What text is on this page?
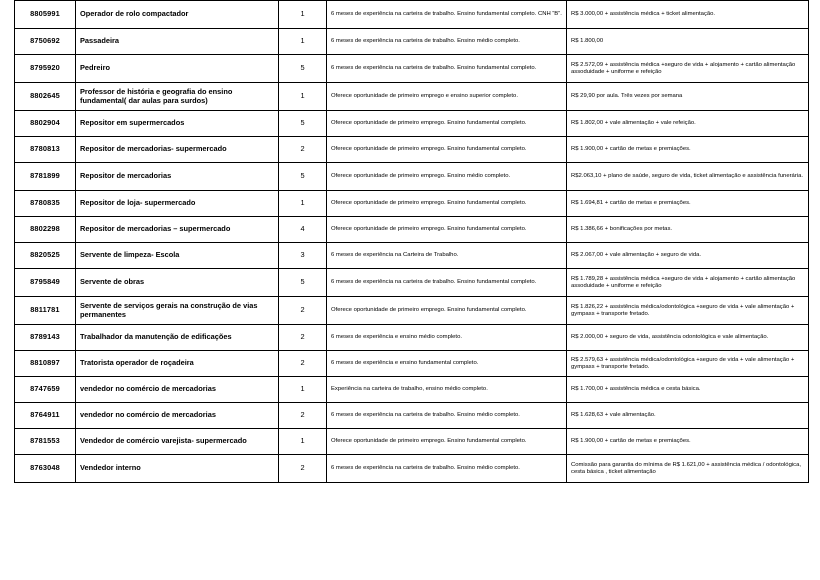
8805991	Operador de rolo compactador	1	6 meses de experiência na carteira de trabalho. Ensino fundamental completo. CNH “B”.	R$ 3.000,00 + assistência médica + ticket alimentação.
8750692	Passadeira	1	6 meses de experiência na carteira de trabalho. Ensino médio completo.	R$ 1.800,00
8795920	Pedreiro	5	6 meses de experiência na carteira de trabalho. Ensino fundamental completo.	R$ 2.572,09 + assistência médica +seguro de vida + alojamento + cartão alimentação assoduidade + uniforme e refeição
8802645	Professor de história e geografia do ensino fundamental( dar aulas para surdos)	1	Oferece oportunidade de primeiro emprego e ensino superior completo.	R$ 29,90 por aula. Três vezes por semana
8802904	Repositor em supermercados	5	Oferece oportunidade de primeiro emprego. Ensino fundamental completo.	R$ 1.802,00 + vale alimentação + vale refeição.
8780813	Repositor de mercadorias- supermercado	2	Oferece oportunidade de primeiro emprego. Ensino fundamental completo.	R$ 1.900,00 + cartão de metas e premiações.
8781899	Repositor de mercadorias	5	Oferece oportunidade de primeiro emprego. Ensino médio completo.	R$2.063,10 + plano de saúde, seguro de vida, ticket alimentação e assistência funerária.
8780835	Repositor de loja- supermercado	1	Oferece oportunidade de primeiro emprego. Ensino fundamental completo.	R$ 1.694,81 + cartão de metas e premiações.
8802298	Repositor de mercadorias – supermercado	4	Oferece oportunidade de primeiro emprego. Ensino fundamental completo.	R$ 1.386,66 + bonificações por metas.
8820525	Servente de limpeza- Escola	3	6 meses de experiência na Carteira de Trabalho.	R$ 2.067,00 + vale alimentação + seguro de vida.
8795849	Servente de obras	5	6 meses de experiência na carteira de trabalho. Ensino fundamental completo.	R$ 1.789,28 + assistência médica +seguro de vida + alojamento + cartão alimentação assoduidade + uniforme e refeição
8811781	Servente de serviços gerais na construção de vias permanentes	2	Oferece oportunidade de primeiro emprego. Ensino fundamental completo.	R$ 1.826,22 + assistência médica/odontológica +seguro de vida + vale alimentação + gympass + transporte fretado.
8789143	Trabalhador da manutenção de edificações	2	6 meses de experiência e ensino médio completo.	R$ 2.000,00 + seguro de vida, assistência odontológica e vale alimentação.
8810897	Tratorista operador de roçadeira	2	6 meses de experiência e ensino fundamental completo.	R$ 2.579,63 + assistência médica/odontológica +seguro de vida + vale alimentação + gympass + transporte fretado.
8747659	vendedor no comércio de mercadorias	1	Experiência na carteira de trabalho, ensino médio completo.	R$ 1.700,00 + assistência médica e cesta básica.
8764911	vendedor no comércio de mercadorias	2	6 meses de experiência na carteira de trabalho. Ensino médio completo.	R$ 1.628,63 + vale alimentação.
8781553	Vendedor de comércio varejista- supermercado	1	Oferece oportunidade de primeiro emprego. Ensino fundamental completo.	R$ 1.900,00 + cartão de metas e premiações.
8763048	Vendedor interno	2	6 meses de experiência na carteira de trabalho. Ensino médio completo.	Comissão para garantia do mínima de R$ 1.621,00 + assistência médica / odontológica, cesta básica , ticket alimentação
